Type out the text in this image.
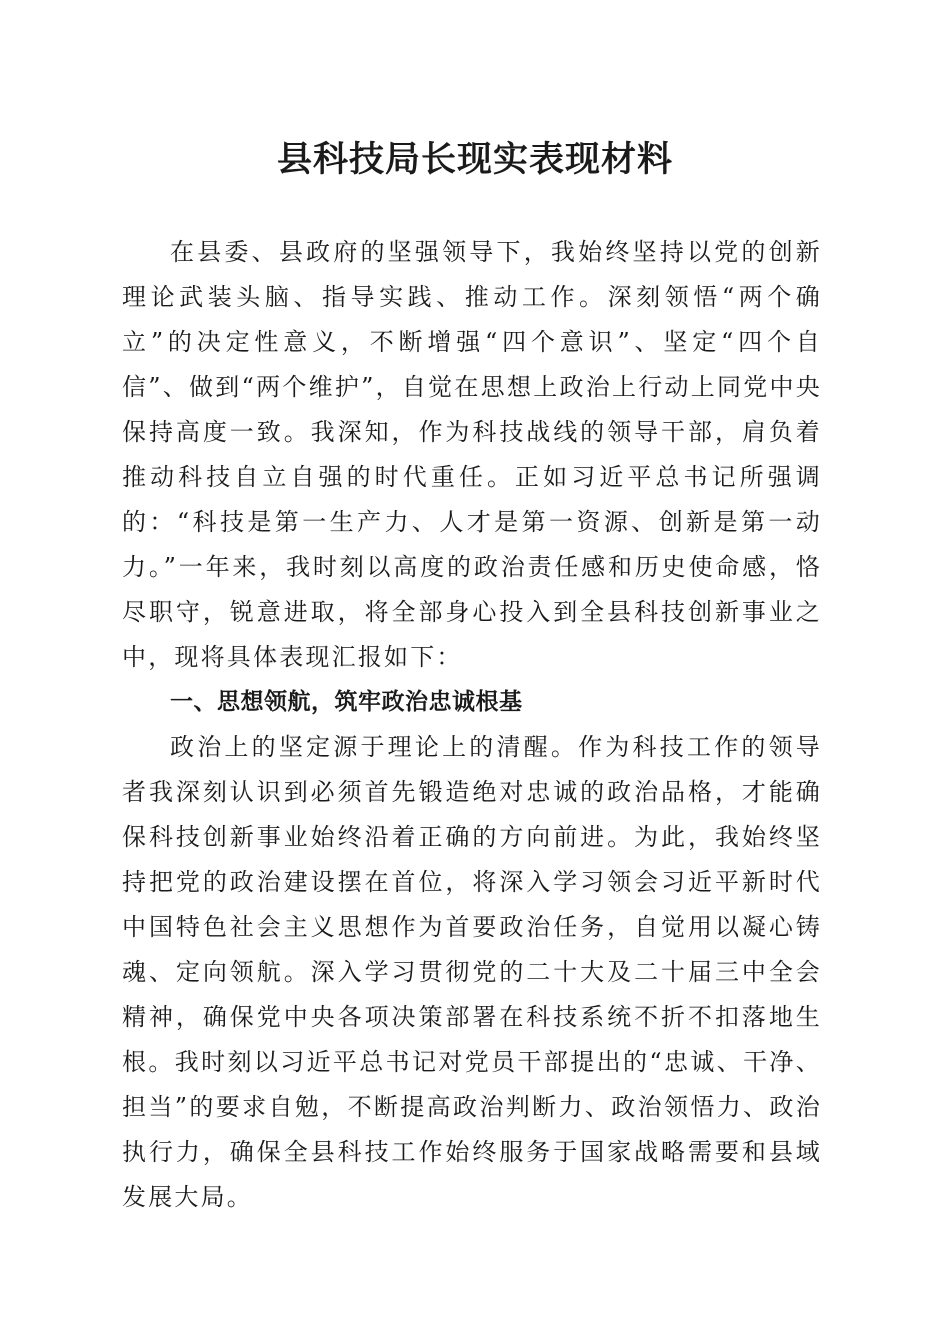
县科技局长现实表现材料

在县委、县政府的坚强领导下，我始终坚持以党的创新理论武装头脑、指导实践、推动工作。深刻领悟“两个确立”的决定性意义，不断增强“四个意识”、坚定“四个自信”、做到“两个维护”，自觉在思想上政治上行动上同党中央保持高度一致。我深知，作为科技战线的领导干部，肩负着推动科技自立自强的时代重任。正如习近平总书记所强调的：“科技是第一生产力、人才是第一资源、创新是第一动力。”一年来，我时刻以高度的政治责任感和历史使命感，恪尽职守，锐意进取，将全部身心投入到全县科技创新事业之中，现将具体表现汇报如下：

一、思想领航，筑牢政治忠诚根基

政治上的坚定源于理论上的清醒。作为科技工作的领导者我深刻认识到必须首先锻造绝对忠诚的政治品格，才能确保科技创新事业始终沿着正确的方向前进。为此，我始终坚持把党的政治建设摆在首位，将深入学习领会习近平新时代中国特色社会主义思想作为首要政治任务，自觉用以凝心铸魂、定向领航。深入学习贯彻党的二十大及二十届三中全会精神，确保党中央各项决策部署在科技系统不折不扣落地生根。我时刻以习近平总书记对党员干部提出的“忠诚、干净、担当”的要求自勉，不断提高政治判断力、政治领悟力、政治执行力，确保全县科技工作始终服务于国家战略需要和县域发展大局。
